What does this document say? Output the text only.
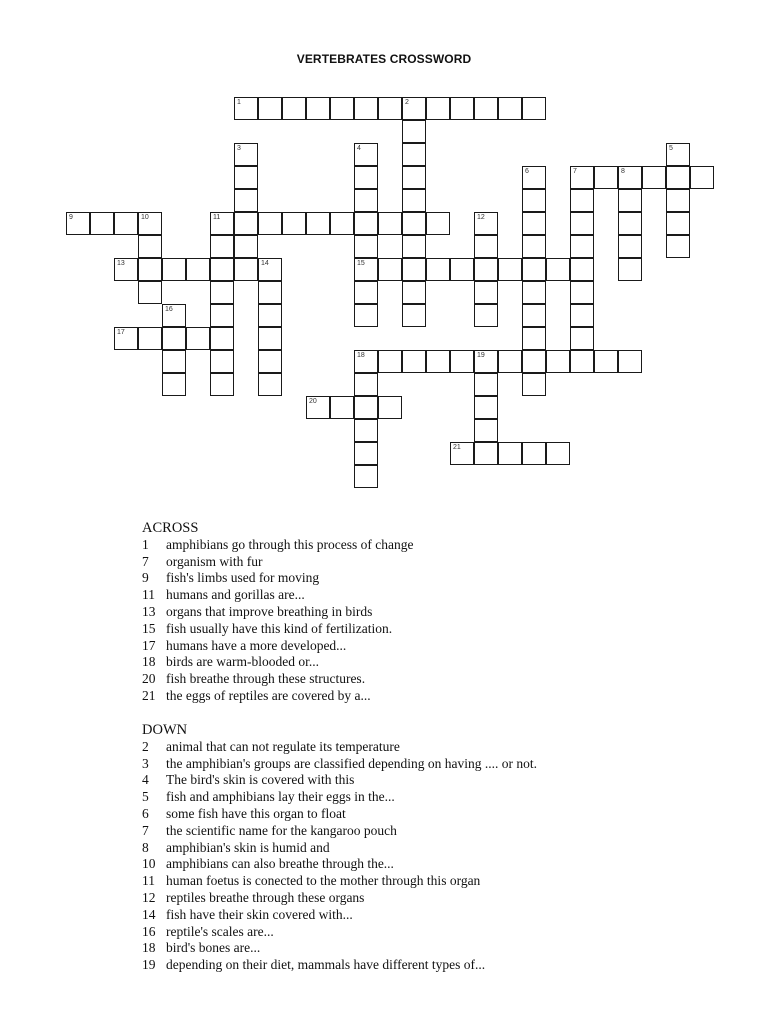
VERTEBRATES CROSSWORD
1	2
7	8
9	10	11
13	14	15
17
18	19
20
21
3	4	5
6
12
16
ACROSS
1 amphibians go through this process of change
7 organism with fur
9 fish's limbs used for moving
11 humans and gorillas are...
13 organs that improve breathing in birds
15 fish usually have this kind of fertilization.
17 humans have a more developed...
18 birds are warm-blooded or...
20 fish breathe through these structures.
21 the eggs of reptiles are covered by a...
DOWN
2 animal that can not regulate its temperature
3 the amphibian's groups are classified depending on having .... or not.
4 The bird's skin is covered with this
5 fish and amphibians lay their eggs in the...
6 some fish have this organ to float
7 the scientific name for the kangaroo pouch
8 amphibian's skin is humid and
10 amphibians can also breathe through the...
11 human foetus is conected to the mother through this organ
12 reptiles breathe through these organs
14 fish have their skin covered with...
16 reptile's scales are...
18 bird's bones are...
19 depending on their diet, mammals have different types of...
